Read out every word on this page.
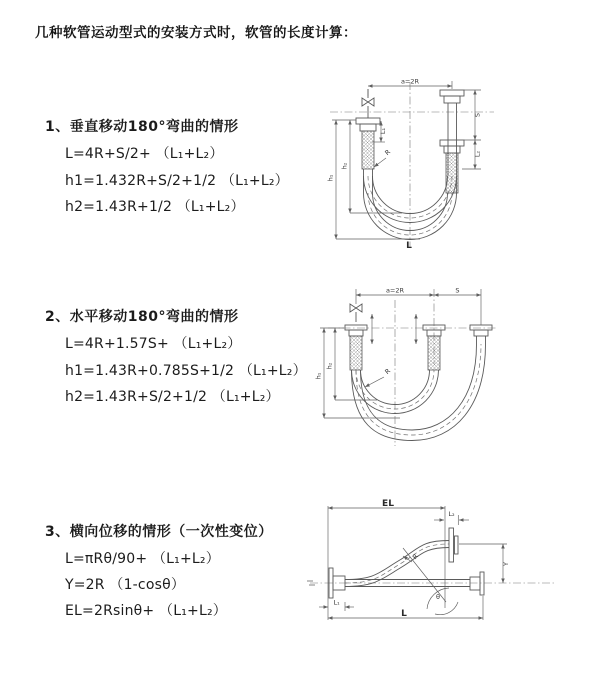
几种软管运动型式的安装方式时，软管的长度计算：
1、垂直移动180°弯曲的情形
L=4R+S/2+ （L₁+L₂）
h1=1.432R+S/2+1/2 （L₁+L₂）
h2=1.43R+1/2 （L₁+L₂）
a=2R
L₁
S
L₂
h₁
h₂
R
L
2、水平移动180°弯曲的情形
L=4R+1.57S+ （L₁+L₂）
h1=1.43R+0.785S+1/2 （L₁+L₂）
h2=1.43R+S/2+1/2 （L₁+L₂）
a=2R	S
h₁
h₂
R
3、横向位移的情形（一次性变位）
L=πRθ/90+ （L₁+L₂）
Y=2R （1-cosθ）
EL=2Rsinθ+ （L₁+L₂）
EL
L₂
θ
R
Y
L₁
L
